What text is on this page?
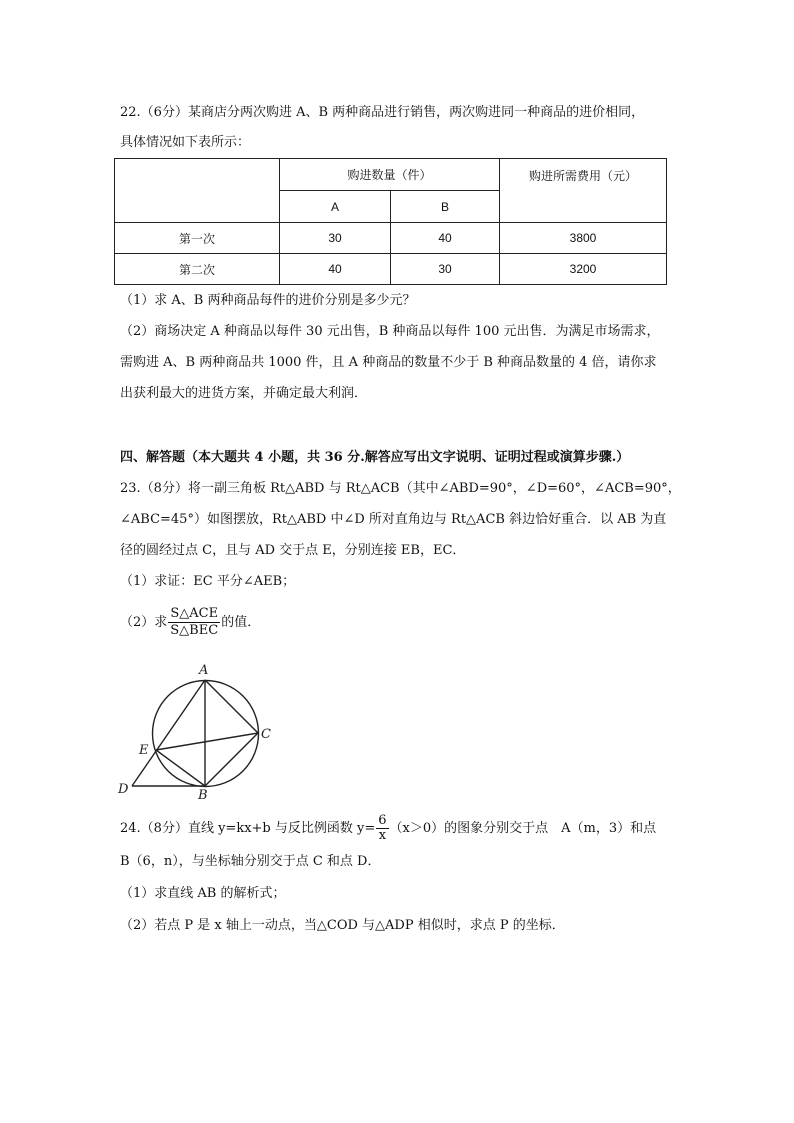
22.（6分）某商店分两次购进 A、B 两种商品进行销售，两次购进同一种商品的进价相同，
具体情况如下表所示：
	购进数量（件）		购进所需费用（元）
	A	B	
第一次	30	40	3800
第二次	40	30	3200
（1）求 A、B 两种商品每件的进价分别是多少元？
（2）商场决定 A 种商品以每件 30 元出售，B 种商品以每件 100 元出售．为满足市场需求，
需购进 A、B 两种商品共 1000 件，且 A 种商品的数量不少于 B 种商品数量的 4 倍，请你求
出获利最大的进货方案，并确定最大利润．
四、解答题（本大题共 4 小题，共 36 分.解答应写出文字说明、证明过程或演算步骤.）
23.（8分）将一副三角板 Rt△ABD 与 Rt△ACB（其中∠ABD=90°，∠D=60°，∠ACB=90°，
∠ABC=45°）如图摆放，Rt△ABD 中∠D 所对直角边与 Rt△ACB 斜边恰好重合．以 AB 为直
径的圆经过点 C，且与 AD 交于点 E，分别连接 EB，EC．
（1）求证：EC 平分∠AEB；
（2）求 $\frac{\text{S△ACE}}{\text{S△BEC}}$ 的值．
A
B
C
D
E
24.（8分）直线 y=kx+b 与反比例函数 $y= \frac{6}{x} (x>0)$的图象分别交于点　A（m，3）和点
B（6，n），与坐标轴分别交于点 C 和点 D．
（1）求直线 AB 的解析式；
（2）若点 P 是 x 轴上一动点，当△COD 与△ADP 相似时，求点 P 的坐标．
